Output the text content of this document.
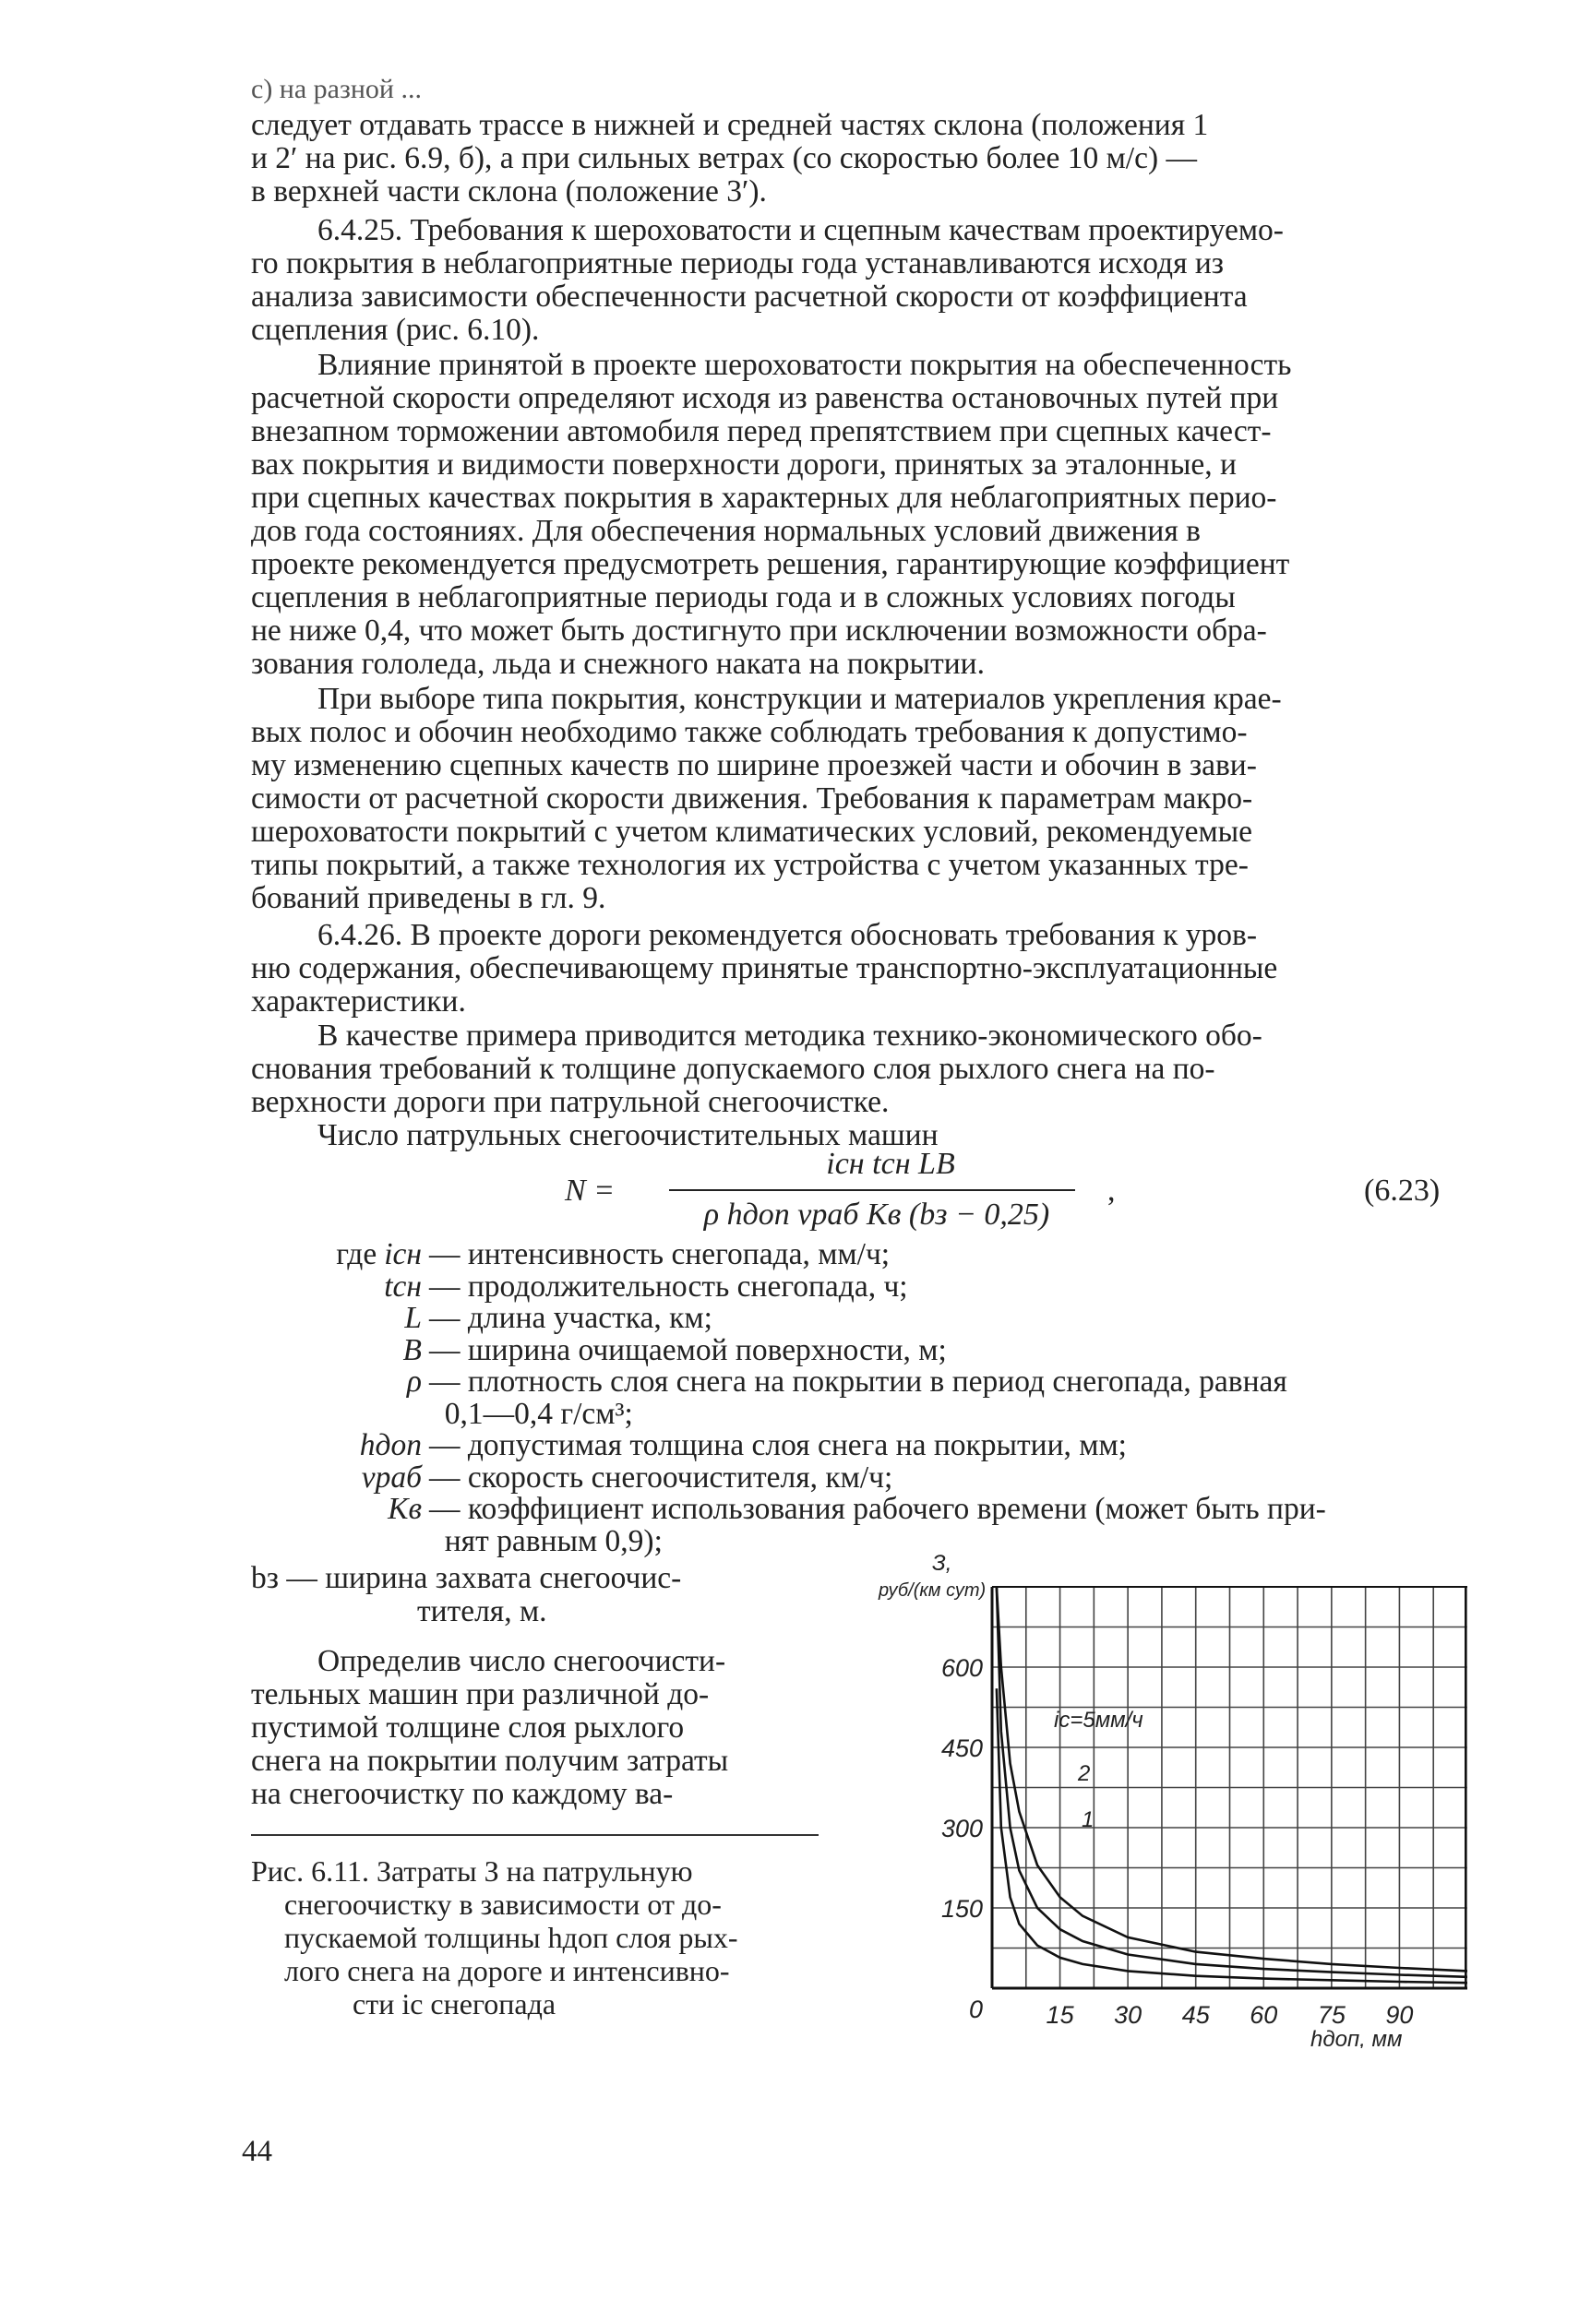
с) на разной ...
следует отдавать трассе в нижней и средней частях склона (положения 1
и 2′ на рис. 6.9, б), а при сильных ветрах (со скоростью более 10 м/с) —
в верхней части склона (положение 3′).
6.4.25. Требования к шероховатости и сцепным качествам проектируемо-
го покрытия в неблагоприятные периоды года устанавливаются исходя из
анализа зависимости обеспеченности расчетной скорости от коэффициента
сцепления (рис. 6.10).
Влияние принятой в проекте шероховатости покрытия на обеспеченность
расчетной скорости определяют исходя из равенства остановочных путей при
внезапном торможении автомобиля перед препятствием при сцепных качест-
вах покрытия и видимости поверхности дороги, принятых за эталонные, и
при сцепных качествах покрытия в характерных для неблагоприятных перио-
дов года состояниях. Для обеспечения нормальных условий движения в
проекте рекомендуется предусмотреть решения, гарантирующие коэффициент
сцепления в неблагоприятные периоды года и в сложных условиях погоды
не ниже 0,4, что может быть достигнуто при исключении возможности обра-
зования гололеда, льда и снежного наката на покрытии.
При выборе типа покрытия, конструкции и материалов укрепления крае-
вых полос и обочин необходимо также соблюдать требования к допустимо-
му изменению сцепных качеств по ширине проезжей части и обочин в зави-
симости от расчетной скорости движения. Требования к параметрам макро-
шероховатости покрытий с учетом климатических условий, рекомендуемые
типы покрытий, а также технология их устройства с учетом указанных тре-
бований приведены в гл. 9.
6.4.26. В проекте дороги рекомендуется обосновать требования к уров-
ню содержания, обеспечивающему принятые транспортно-эксплуатационные
характеристики.
В качестве примера приводится методика технико-экономического обо-
снования требований к толщине допускаемого слоя рыхлого снега на по-
верхности дороги при патрульной снегоочистке.
Число патрульных снегоочистительных машин
N =
iсн tсн LB
ρ hдоп vраб Kв (bз − 0,25)
,	(6.23)
где iсн — интенсивность снегопада, мм/ч;
tсн — продолжительность снегопада, ч;
L — длина участка, км;
B — ширина очищаемой поверхности, м;
ρ — плотность слоя снега на покрытии в период снегопада, равная
0,1—0,4 г/см³;
hдоп — допустимая толщина слоя снега на покрытии, мм;
vраб — скорость снегоочистителя, км/ч;
Kв — коэффициент использования рабочего времени (может быть при-
нят равным 0,9);
bз — ширина захвата снегоочис-
тителя, м.
Определив число снегоочисти-
тельных машин при различной до-
пустимой толщине слоя рыхлого
снега на покрытии получим затраты
на снегоочистку по каждому ва-
Рис. 6.11. Затраты З на патрульную
снегоочистку в зависимости от до-
пускаемой толщины hдоп слоя рых-
лого снега на дороге и интенсивно-
сти iс снегопада	15 30 45 60 75 90
0
150
300
450
600
З,
руб/(км сут)
hдоп, мм
iс=5мм/ч
2
1
44
